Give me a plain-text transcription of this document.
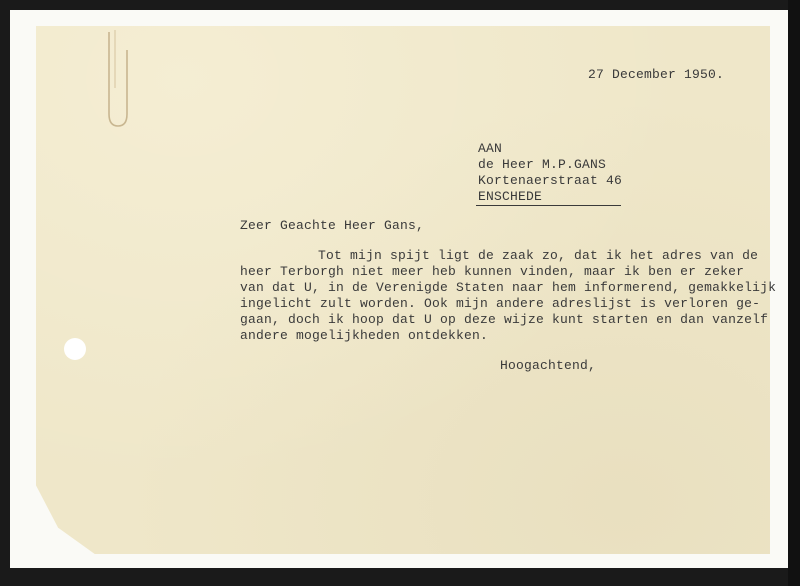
27 December 1950.
AAN
de Heer M.P.GANS
Kortenaerstraat 46
ENSCHEDE
Zeer Geachte Heer Gans,
Tot mijn spijt ligt de zaak zo, dat ik het adres van de
heer Terborgh niet meer heb kunnen vinden, maar ik ben er zeker
van dat U, in de Verenigde Staten naar hem informerend, gemakkelijk
ingelicht zult worden. Ook mijn andere adreslijst is verloren ge-
gaan, doch ik hoop dat U op deze wijze kunt starten en dan vanzelf
andere mogelijkheden ontdekken.
Hoogachtend,
